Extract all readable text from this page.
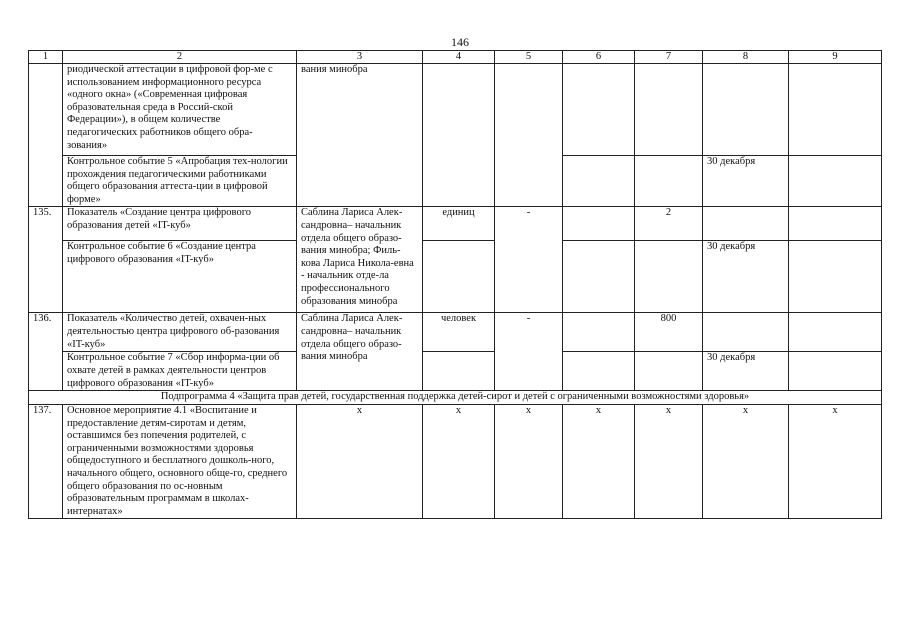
146
1	2	3	4	5	6	7	8	9
	риодической аттестации в цифровой фор-ме с использованием информационного ресурса «одного окна» («Современная цифровая образовательная среда в Россий-ской Федерации»), в общем количестве педагогических работников общего обра-зования»	вания минобра						
	Контрольное событие 5 «Апробация тех-нологии прохождения педагогическими работниками общего образования аттеста-ции в цифровой форме»						30 декабря	
135.	Показатель «Создание центра цифрового образования детей «IT-куб»	Саблина Лариса Алек-сандровна– начальник отдела общего образо-вания минобра; Филь-кова Лариса Никола-евна - начальник отде-ла профессионального образования минобра	единиц	-		2		
	Контрольное событие 6 «Создание центра цифрового образования «IT-куб»						30 декабря	
136.	Показатель «Количество детей, охвачен-ных деятельностью центра цифрового об-разования «IT-куб»	Саблина Лариса Алек-сандровна– начальник отдела общего образо-вания минобра	человек	-		800		
	Контрольное событие 7 «Сбор информа-ции об охвате детей в рамках деятельности центров цифрового образования «IT-куб»						30 декабря	
Подпрограмма 4 «Защита прав детей, государственная поддержка детей-сирот и детей с ограниченными возможностями здоровья»								
137.	Основное мероприятие 4.1 «Воспитание и предоставление детям-сиротам и детям, оставшимся без попечения родителей, с ограниченными возможностями здоровья общедоступного и бесплатного дошколь-ного, начального общего, основного обще-го, среднего общего образования по ос-новным образовательным программам в школах-интернатах»	x	x	x	x	x	x	x
